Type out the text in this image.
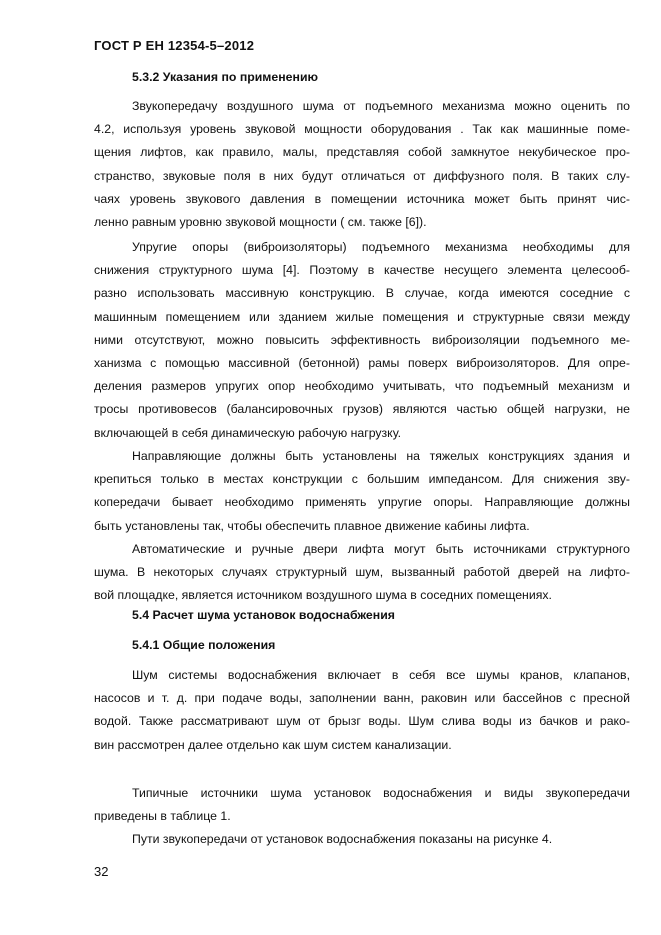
ГОСТ Р ЕН 12354-5–2012
5.3.2 Указания по применению
Звукопередачу воздушного шума от подъемного механизма можно оценить по
4.2, используя уровень звуковой мощности оборудования . Так как машинные поме-
щения лифтов, как правило, малы, представляя собой замкнутое некубическое про-
странство, звуковые поля в них будут отличаться от диффузного поля. В таких слу-
чаях уровень звукового давления в помещении источника может быть принят чис-
ленно равным уровню звуковой мощности ( см. также [6]).
Упругие опоры (виброизоляторы) подъемного механизма необходимы для
снижения структурного шума [4]. Поэтому в качестве несущего элемента целесооб-
разно использовать массивную конструкцию. В случае, когда имеются соседние с
машинным помещением или зданием жилые помещения и структурные связи между
ними отсутствуют, можно повысить эффективность виброизоляции подъемного ме-
ханизма с помощью массивной (бетонной) рамы поверх виброизоляторов. Для опре-
деления размеров упругих опор необходимо учитывать, что подъемный механизм и
тросы противовесов (балансировочных грузов) являются частью общей нагрузки, не
включающей в себя динамическую рабочую нагрузку.
Направляющие должны быть установлены на тяжелых конструкциях здания и
крепиться только в местах конструкции с большим импедансом. Для снижения зву-
копередачи бывает необходимо применять упругие опоры. Направляющие должны
быть установлены так, чтобы обеспечить плавное движение кабины лифта.
Автоматические и ручные двери лифта могут быть источниками структурного
шума. В некоторых случаях структурный шум, вызванный работой дверей на лифто-
вой площадке, является источником воздушного шума в соседних помещениях.
5.4 Расчет шума установок водоснабжения
5.4.1 Общие положения
Шум системы водоснабжения включает в себя все шумы кранов, клапанов,
насосов и т. д. при подаче воды, заполнении ванн, раковин или бассейнов с пресной
водой. Также рассматривают шум от брызг воды. Шум слива воды из бачков и рако-
вин рассмотрен далее отдельно как шум систем канализации.
Типичные источники шума установок водоснабжения и виды звукопередачи
приведены в таблице 1.
Пути звукопередачи от установок водоснабжения показаны на рисунке 4.
32
